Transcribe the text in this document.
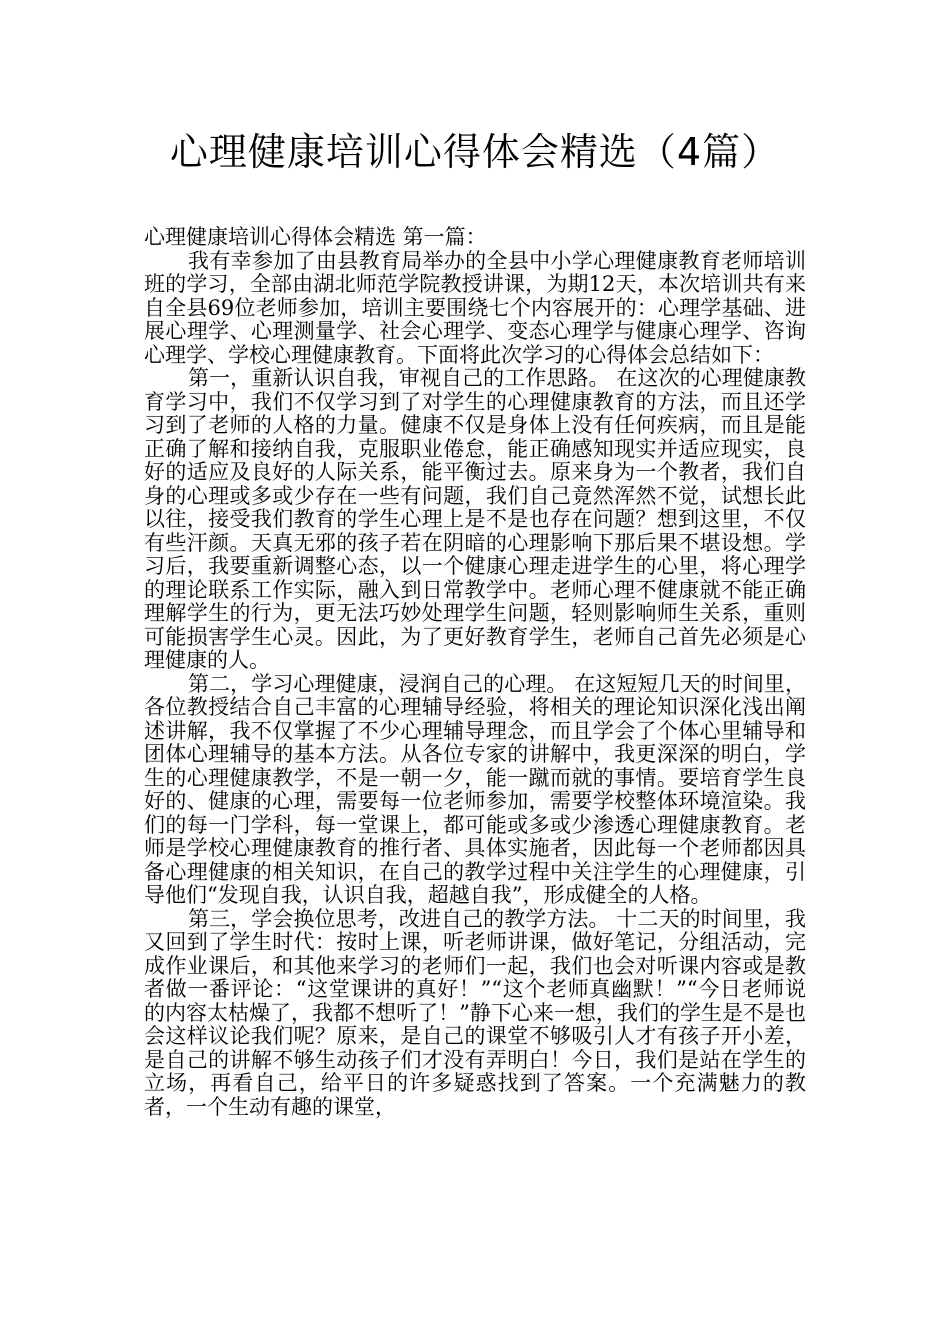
心理健康培训心得体会精选（4篇）

心理健康培训心得体会精选 第一篇：

我有幸参加了由县教育局举办的全县中小学心理健康教育老师培训班的学习，全部由湖北师范学院教授讲课，为期12天，本次培训共有来自全县69位老师参加，培训主要围绕七个内容展开的：心理学基础、进展心理学、心理测量学、社会心理学、变态心理学与健康心理学、咨询心理学、学校心理健康教育。下面将此次学习的心得体会总结如下：

第一，重新认识自我，审视自己的工作思路。 在这次的心理健康教育学习中，我们不仅学习到了对学生的心理健康教育的方法，而且还学习到了老师的人格的力量。健康不仅是身体上没有任何疾病，而且是能正确了解和接纳自我，克服职业倦怠，能正确感知现实并适应现实，良好的适应及良好的人际关系，能平衡过去。原来身为一个教者，我们自身的心理或多或少存在一些有问题，我们自己竟然浑然不觉，试想长此以往，接受我们教育的学生心理上是不是也存在问题？想到这里，不仅有些汗颜。天真无邪的孩子若在阴暗的心理影响下那后果不堪设想。学习后，我要重新调整心态，以一个健康心理走进学生的心里，将心理学的理论联系工作实际，融入到日常教学中。老师心理不健康就不能正确理解学生的行为，更无法巧妙处理学生问题，轻则影响师生关系，重则可能损害学生心灵。因此，为了更好教育学生，老师自己首先必须是心理健康的人。

第二，学习心理健康，浸润自己的心理。 在这短短几天的时间里，各位教授结合自己丰富的心理辅导经验，将相关的理论知识深化浅出阐述讲解，我不仅掌握了不少心理辅导理念，而且学会了个体心里辅导和团体心理辅导的基本方法。从各位专家的讲解中，我更深深的明白，学生的心理健康教学，不是一朝一夕，能一蹴而就的事情。要培育学生良好的、健康的心理，需要每一位老师参加，需要学校整体环境渲染。我们的每一门学科，每一堂课上，都可能或多或少渗透心理健康教育。老师是学校心理健康教育的推行者、具体实施者，因此每一个老师都因具备心理健康的相关知识，在自己的教学过程中关注学生的心理健康，引导他们“发现自我，认识自我，超越自我”，形成健全的人格。

第三，学会换位思考，改进自己的教学方法。 十二天的时间里，我又回到了学生时代：按时上课，听老师讲课，做好笔记，分组活动，完成作业课后，和其他来学习的老师们一起，我们也会对听课内容或是教者做一番评论：“这堂课讲的真好！”“这个老师真幽默！”“今日老师说的内容太枯燥了，我都不想听了！”静下心来一想，我们的学生是不是也会这样议论我们呢？原来，是自己的课堂不够吸引人才有孩子开小差，是自己的讲解不够生动孩子们才没有弄明白！今日，我们是站在学生的立场，再看自己，给平日的许多疑惑找到了答案。一个充满魅力的教者，一个生动有趣的课堂，
